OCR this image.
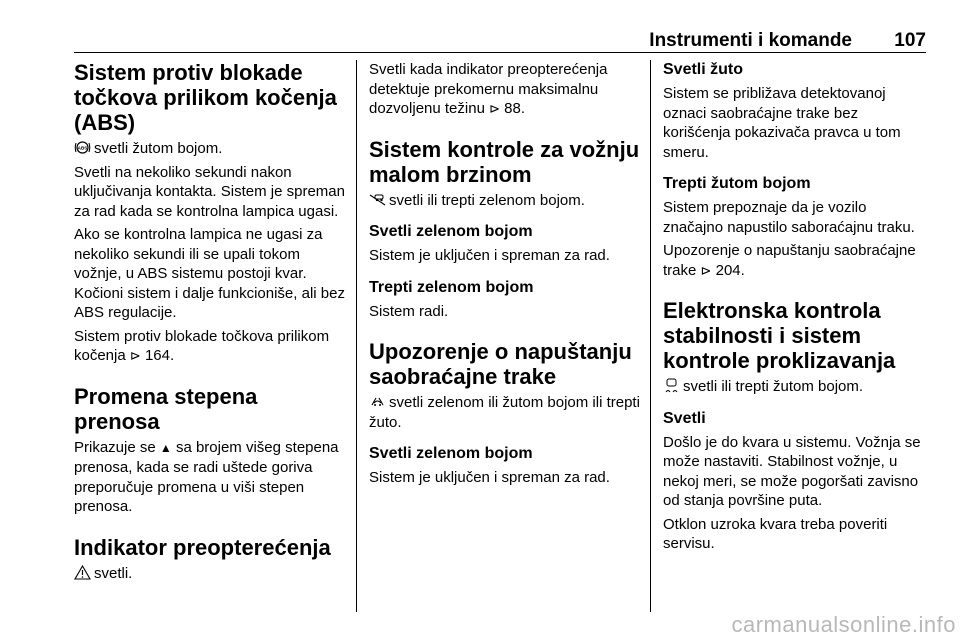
Instrumenti i komande 107
Sistem protiv blokade točkova prilikom kočenja (ABS)

ABS svetli žutom bojom.

Svetli na nekoliko sekundi nakon uključivanja kontakta. Sistem je spreman za rad kada se kontrolna lampica ugasi.

Ako se kontrolna lampica ne ugasi za nekoliko sekundi ili se upali tokom vožnje, u ABS sistemu postoji kvar. Kočioni sistem i dalje funkcioniše, ali bez ABS regulacije.

Sistem protiv blokade točkova prilikom kočenja ⊳ 164.

Promena stepena prenosa

Prikazuje se ▲ sa brojem višeg stepena prenosa, kada se radi uštede goriva preporučuje promena u viši stepen prenosa.

Indikator preopterećenja

svetli.

Svetli kada indikator preopterećenja detektuje prekomernu maksimalnu dozvoljenu težinu ⊳ 88.

Sistem kontrole za vožnju malom brzinom

svetli ili trepti zelenom bojom.

Svetli zelenom bojom

Sistem je uključen i spreman za rad.

Trepti zelenom bojom

Sistem radi.

Upozorenje o napuštanju saobraćajne trake

svetli zelenom ili žutom bojom ili trepti žuto.

Svetli zelenom bojom

Sistem je uključen i spreman za rad.

Svetli žuto

Sistem se približava detektovanoj oznaci saobraćajne trake bez korišćenja pokazivača pravca u tom smeru.

Trepti žutom bojom

Sistem prepoznaje da je vozilo značajno napustilo saborаćajnu traku.

Upozorenje o napuštanju saobraćajne trake ⊳ 204.

Elektronska kontrola stabilnosti i sistem kontrole proklizavanja

svetli ili trepti žutom bojom.

Svetli

Došlo je do kvara u sistemu. Vožnja se može nastaviti. Stabilnost vožnje, u nekoj meri, se može pogoršati zavisno od stanja površine puta.

Otklon uzroka kvara treba poveriti servisu.

carmanualsonline.info
